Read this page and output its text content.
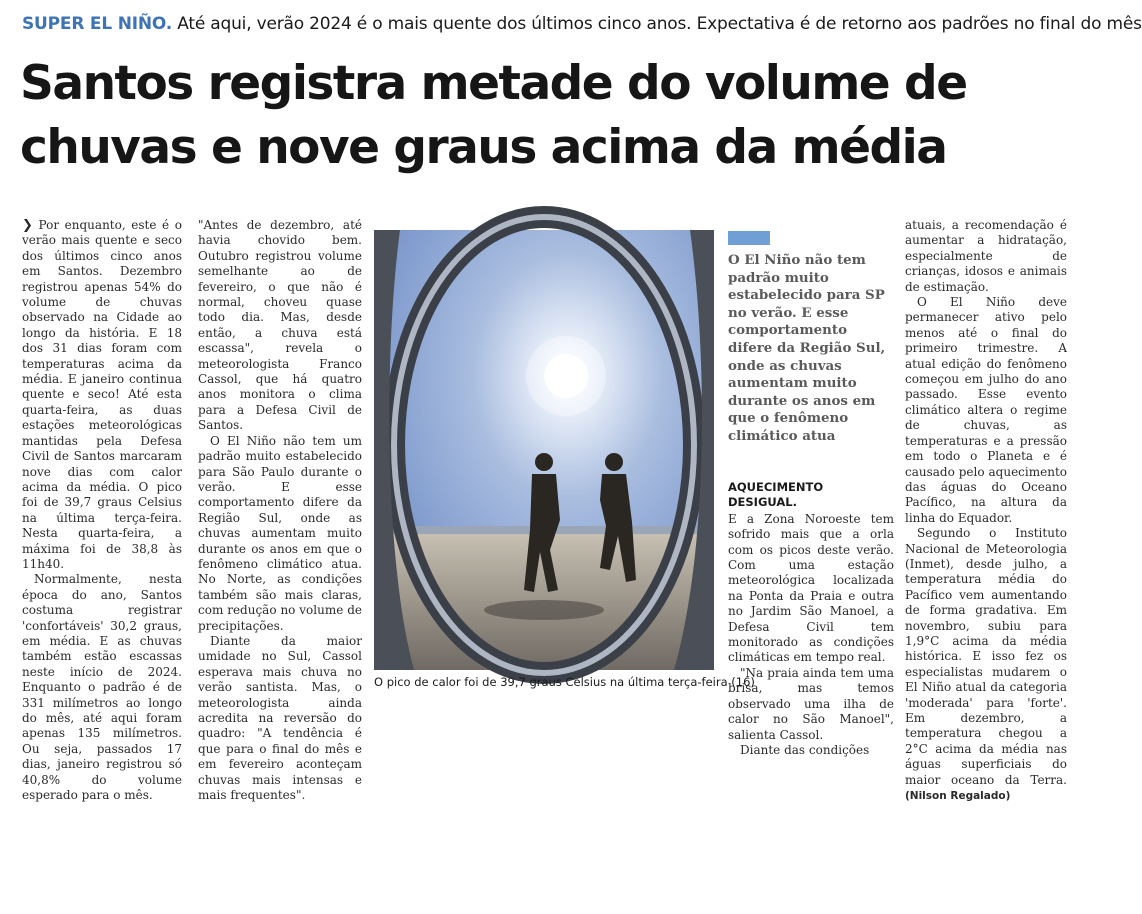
SUPER EL NIÑO. Até aqui, verão 2024 é o mais quente dos últimos cinco anos. Expectativa é de retorno aos padrões no final do mês
Santos registra metade do volume de
chuvas e nove graus acima da média

❯ Por enquanto, este é o verão mais quente e seco dos últimos cinco anos em Santos. Dezembro registrou apenas 54% do volume de chuvas observado na Cidade ao longo da história. E 18 dos 31 dias foram com temperaturas acima da média. E janeiro continua quente e seco! Até esta quarta-feira, as duas estações meteorológicas mantidas pela Defesa Civil de Santos marcaram nove dias com calor acima da média. O pico foi de 39,7 graus Celsius na última terça-feira. Nesta quarta-feira, a máxima foi de 38,8 às 11h40.

Normalmente, nesta época do ano, Santos costuma registrar 'confortáveis' 30,2 graus, em média. E as chuvas também estão escassas neste início de 2024. Enquanto o padrão é de 331 milímetros ao longo do mês, até aqui foram apenas 135 milímetros. Ou seja, passados 17 dias, janeiro registrou só 40,8% do volume esperado para o mês.

"Antes de dezembro, até havia chovido bem. Outubro registrou volume semelhante ao de fevereiro, o que não é normal, choveu quase todo dia. Mas, desde então, a chuva está escassa", revela o meteorologista Franco Cassol, que há quatro anos monitora o clima para a Defesa Civil de Santos.

O El Niño não tem um padrão muito estabelecido para São Paulo durante o verão. E esse comportamento difere da Região Sul, onde as chuvas aumentam muito durante os anos em que o fenômeno climático atua. No Norte, as condições também são mais claras, com redução no volume de precipitações.

Diante da maior umidade no Sul, Cassol esperava mais chuva no verão santista. Mas, o meteorologista ainda acredita na reversão do quadro: "A tendência é que para o final do mês e em fevereiro aconteçam chuvas mais intensas e mais frequentes".

NAIR BUENO/DIÁRIO DO LITORAL
O pico de calor foi de 39,7 graus Celsius na última terça-feira (16)
O El Niño não tem padrão muito estabelecido para SP no verão. E esse comportamento difere da Região Sul, onde as chuvas aumentam muito durante os anos em que o fenômeno climático atua
AQUECIMENTO DESIGUAL.

E a Zona Noroeste tem sofrido mais que a orla com os picos deste verão. Com uma estação meteorológica localizada na Ponta da Praia e outra no Jardim São Manoel, a Defesa Civil tem monitorado as condições climáticas em tempo real.

"Na praia ainda tem uma brisa, mas temos observado uma ilha de calor no São Manoel", salienta Cassol.

Diante das condições

atuais, a recomendação é aumentar a hidratação, especialmente de crianças, idosos e animais de estimação.

O El Niño deve permanecer ativo pelo menos até o final do primeiro trimestre. A atual edição do fenômeno começou em julho do ano passado. Esse evento climático altera o regime de chuvas, as temperaturas e a pressão em todo o Planeta e é causado pelo aquecimento das águas do Oceano Pacífico, na altura da linha do Equador.

Segundo o Instituto Nacional de Meteorologia (Inmet), desde julho, a temperatura média do Pacífico vem aumentando de forma gradativa. Em novembro, subiu para 1,9°C acima da média histórica. E isso fez os especialistas mudarem o El Niño atual da categoria 'moderada' para 'forte'. Em dezembro, a temperatura chegou a 2°C acima da média nas águas superficiais do maior oceano da Terra. (Nilson Regalado)
